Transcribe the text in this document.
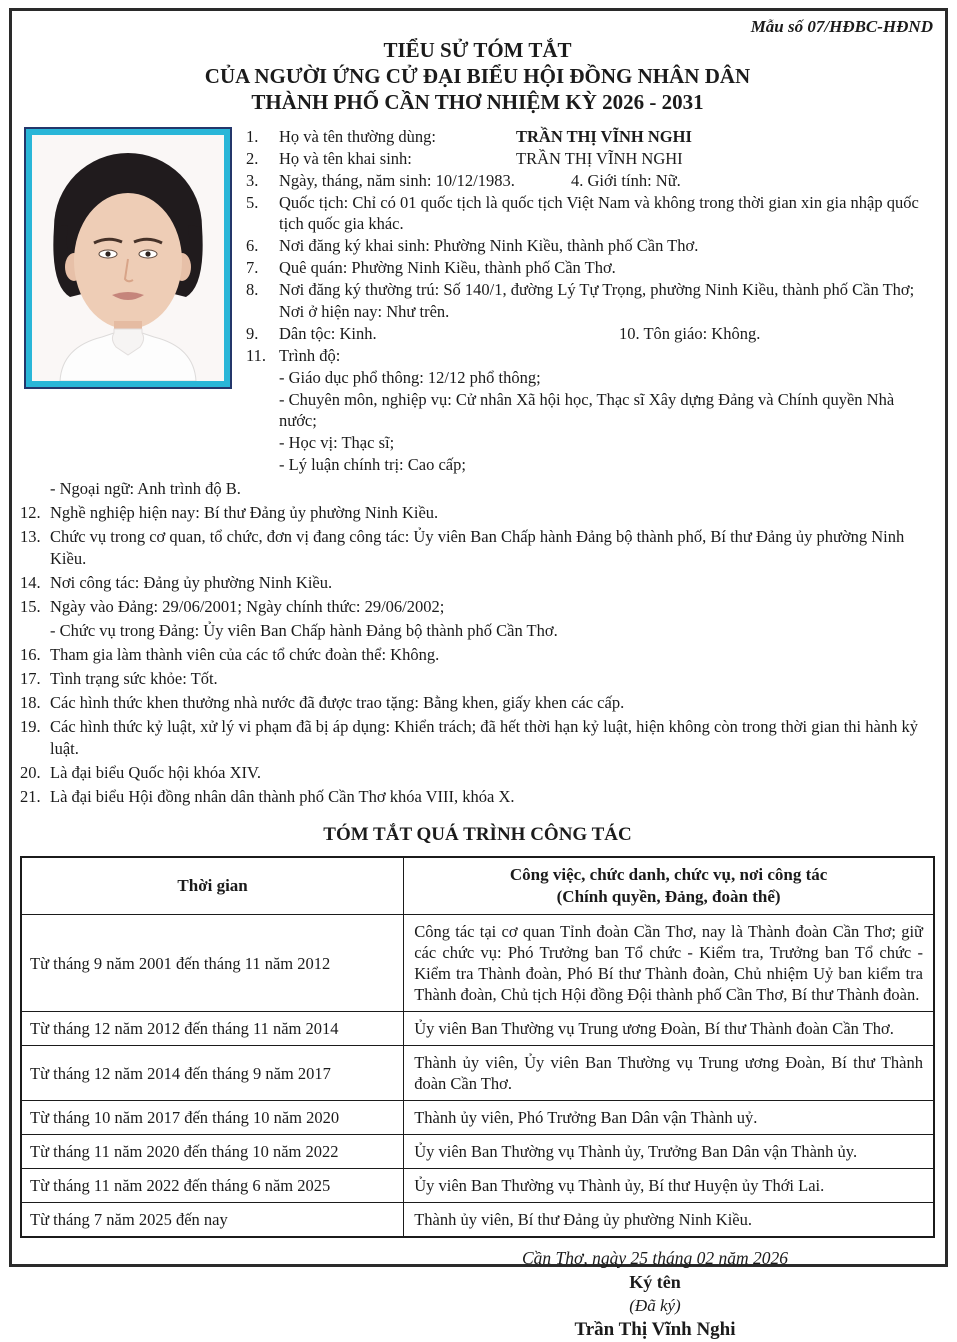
Mẫu số 07/HĐBC-HĐND
TIỂU SỬ TÓM TẮT
CỦA NGƯỜI ỨNG CỬ ĐẠI BIỂU HỘI ĐỒNG NHÂN DÂN
THÀNH PHỐ CẦN THƠ NHIỆM KỲ 2026 - 2031
1. Họ và tên thường dùng:	TRẦN THỊ VĨNH NGHI
2. Họ và tên khai sinh:	TRẦN THỊ VĨNH NGHI
3. Ngày, tháng, năm sinh: 10/12/1983.	4. Giới tính: Nữ.
5. Quốc tịch: Chỉ có 01 quốc tịch là quốc tịch Việt Nam và không trong thời gian xin gia nhập quốc tịch quốc gia khác.
6. Nơi đăng ký khai sinh: Phường Ninh Kiều, thành phố Cần Thơ.
7. Quê quán: Phường Ninh Kiều, thành phố Cần Thơ.
8. Nơi đăng ký thường trú: Số 140/1, đường Lý Tự Trọng, phường Ninh Kiều, thành phố Cần Thơ;
Nơi ở hiện nay: Như trên.
9. Dân tộc: Kinh.	10. Tôn giáo: Không.
11. Trình độ:
- Giáo dục phổ thông: 12/12 phổ thông;
- Chuyên môn, nghiệp vụ: Cử nhân Xã hội học, Thạc sĩ Xây dựng Đảng và Chính quyền Nhà nước;
- Học vị: Thạc sĩ;
- Lý luận chính trị: Cao cấp;
- Ngoại ngữ: Anh trình độ B.
12. Nghề nghiệp hiện nay: Bí thư Đảng ủy phường Ninh Kiều.
13. Chức vụ trong cơ quan, tổ chức, đơn vị đang công tác: Ủy viên Ban Chấp hành Đảng bộ thành phố, Bí thư Đảng ủy phường Ninh Kiều.
14. Nơi công tác: Đảng ủy phường Ninh Kiều.
15. Ngày vào Đảng: 29/06/2001; Ngày chính thức: 29/06/2002;
- Chức vụ trong Đảng: Ủy viên Ban Chấp hành Đảng bộ thành phố Cần Thơ.
16. Tham gia làm thành viên của các tổ chức đoàn thể: Không.
17. Tình trạng sức khỏe: Tốt.
18. Các hình thức khen thưởng nhà nước đã được trao tặng: Bằng khen, giấy khen các cấp.
19. Các hình thức kỷ luật, xử lý vi phạm đã bị áp dụng: Khiển trách; đã hết thời hạn kỷ luật, hiện không còn trong thời gian thi hành kỷ luật.
20. Là đại biểu Quốc hội khóa XIV.
21. Là đại biểu Hội đồng nhân dân thành phố Cần Thơ khóa VIII, khóa X.
TÓM TẮT QUÁ TRÌNH CÔNG TÁC
Thời gian	Công việc, chức danh, chức vụ, nơi công tác
(Chính quyền, Đảng, đoàn thể)

Từ tháng 9 năm 2001 đến tháng 11 năm 2012	Công tác tại cơ quan Tỉnh đoàn Cần Thơ, nay là Thành đoàn Cần Thơ; giữ các chức vụ: Phó Trưởng ban Tổ chức - Kiểm tra, Trưởng ban Tổ chức - Kiểm tra Thành đoàn, Phó Bí thư Thành đoàn, Chủ nhiệm Uỷ ban kiểm tra Thành đoàn, Chủ tịch Hội đồng Đội thành phố Cần Thơ, Bí thư Thành đoàn.
Từ tháng 12 năm 2012 đến tháng 11 năm 2014	Ủy viên Ban Thường vụ Trung ương Đoàn, Bí thư Thành đoàn Cần Thơ.
Từ tháng 12 năm 2014 đến tháng 9 năm 2017	Thành ủy viên, Ủy viên Ban Thường vụ Trung ương Đoàn, Bí thư Thành đoàn Cần Thơ.
Từ tháng 10 năm 2017 đến tháng 10 năm 2020	Thành ủy viên, Phó Trưởng Ban Dân vận Thành uỷ.
Từ tháng 11 năm 2020 đến tháng 10 năm 2022	Ủy viên Ban Thường vụ Thành ủy, Trưởng Ban Dân vận Thành ủy.
Từ tháng 11 năm 2022 đến tháng 6 năm 2025	Ủy viên Ban Thường vụ Thành ủy, Bí thư Huyện ủy Thới Lai.
Từ tháng 7 năm 2025 đến nay	Thành ủy viên, Bí thư Đảng ủy phường Ninh Kiều.
Cần Thơ, ngày 25 tháng 02 năm 2026
Ký tên
(Đã ký)
Trần Thị Vĩnh Nghi
